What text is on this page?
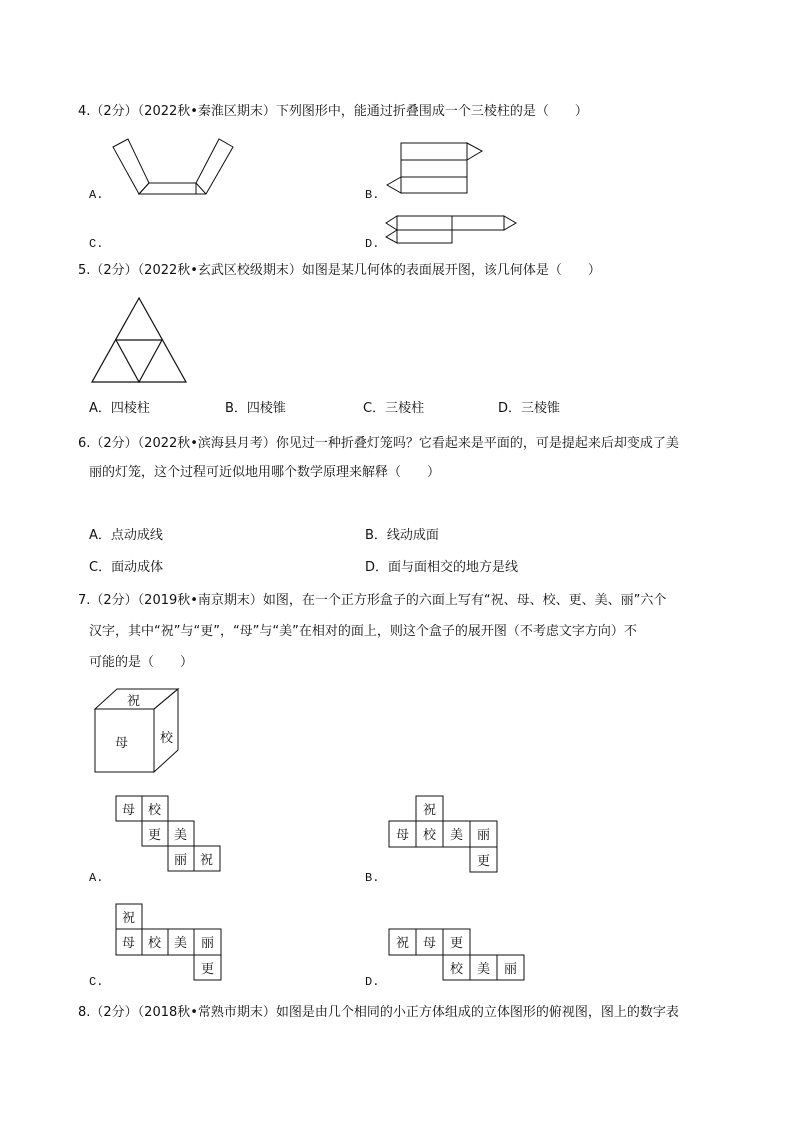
4.（2分）（2022秋•秦淮区期末）下列图形中，能通过折叠围成一个三棱柱的是（　　）
A.	B.
C.	D.
5.（2分）（2022秋•玄武区校级期末）如图是某几何体的表面展开图，该几何体是（　　）
A．四棱柱	B．四棱锥	C．三棱柱	D．三棱锥
6.（2分）（2022秋•滨海县月考）你见过一种折叠灯笼吗？它看起来是平面的，可是提起来后却变成了美
丽的灯笼，这个过程可近似地用哪个数学原理来解释（　　）
A．点动成线	B．线动成面
C．面动成体	D．面与面相交的地方是线
7.（2分）（2019秋•南京期末）如图，在一个正方形盒子的六面上写有“祝、母、校、更、美、丽”六个
汉字，其中“祝”与“更”，“母”与“美”在相对的面上，则这个盒子的展开图（不考虑文字方向）不
可能的是（　　）
祝
母 校
母 校
更 美
丽 祝
祝
母 校 美 丽
更
A.	B.
祝
母 校 美 丽
更
祝 母 更
校 美 丽
C.	D.
8.（2分）（2018秋•常熟市期末）如图是由几个相同的小正方体组成的立体图形的俯视图，图上的数字表
